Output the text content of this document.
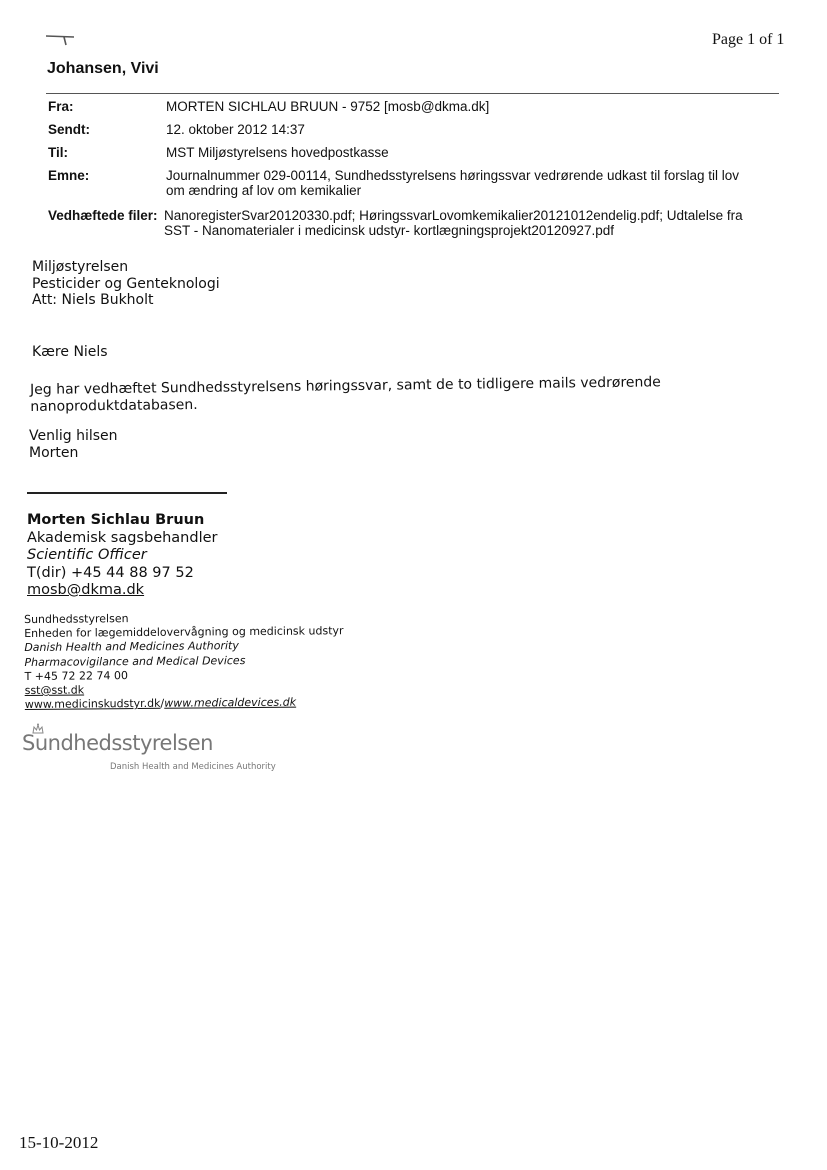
Page 1 of 1
Johansen, Vivi
Fra:	MORTEN SICHLAU BRUUN - 9752 [mosb@dkma.dk]
Sendt:	12. oktober 2012 14:37
Til:	MST Miljøstyrelsens hovedpostkasse
Emne:	Journalnummer 029-00114, Sundhedsstyrelsens høringssvar vedrørende udkast til forslag til lov
om ændring af lov om kemikalier
Vedhæftede filer: NanoregisterSvar20120330.pdf; HøringssvarLovomkemikalier20121012endelig.pdf; Udtalelse fra
SST - Nanomaterialer i medicinsk udstyr- kortlægningsprojekt20120927.pdf
Miljøstyrelsen
Pesticider og Genteknologi
Att: Niels Bukholt
Kære Niels
Jeg har vedhæftet Sundhedsstyrelsens høringssvar, samt de to tidligere mails vedrørende
nanoproduktdatabasen.
Venlig hilsen
Morten
Morten Sichlau Bruun
Akademisk sagsbehandler
Scientific Officer
T(dir) +45 44 88 97 52
mosb@dkma.dk
Sundhedsstyrelsen
Enheden for lægemiddelovervågning og medicinsk udstyr
Danish Health and Medicines Authority
Pharmacovigilance and Medical Devices
T +45 72 22 74 00
sst@sst.dk
www.medicinskudstyr.dk/www.medicaldevices.dk
Sundhedsstyrelsen
Danish Health and Medicines Authority
15-10-2012
